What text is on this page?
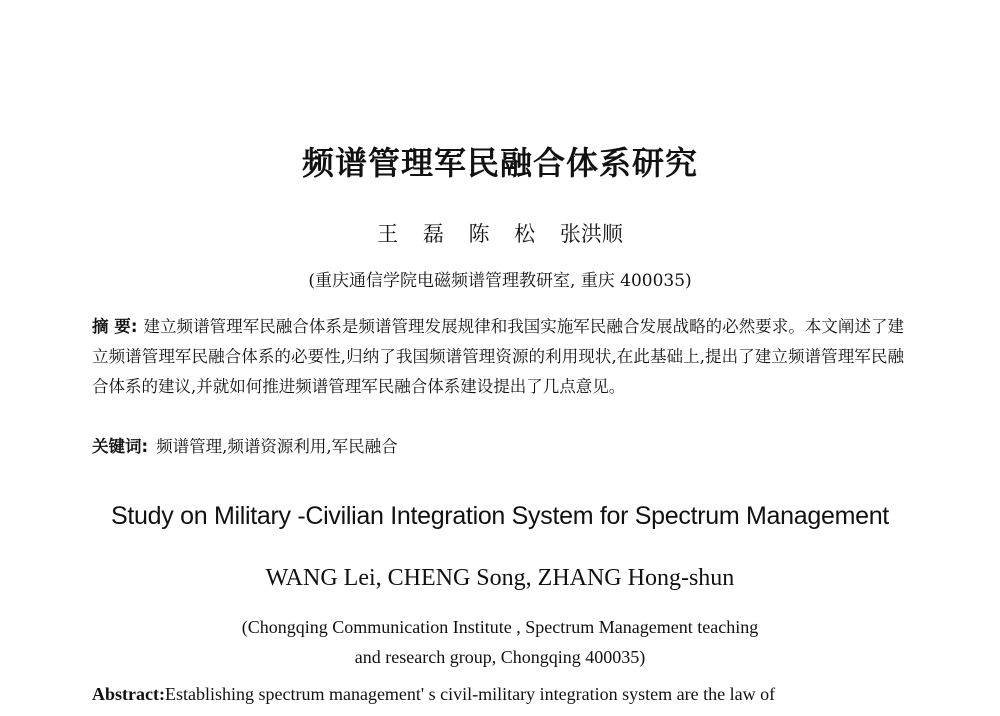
频谱管理军民融合体系研究
王 磊 陈 松 张洪顺
(重庆通信学院电磁频谱管理教研室, 重庆 400035)
摘 要: 建立频谱管理军民融合体系是频谱管理发展规律和我国实施军民融合发展战略的必然要求。本文阐述了建立频谱管理军民融合体系的必要性,归纳了我国频谱管理资源的利用现状,在此基础上,提出了建立频谱管理军民融合体系的建议,并就如何推进频谱管理军民融合体系建设提出了几点意见。
关键词: 频谱管理,频谱资源利用,军民融合
Study on Military -Civilian Integration System for Spectrum Management
WANG Lei, CHENG Song, ZHANG Hong-shun
(Chongqing Communication Institute , Spectrum Management teaching
and research group, Chongqing 400035)
Abstract:Establishing spectrum management' s civil-military integration system are the law of
